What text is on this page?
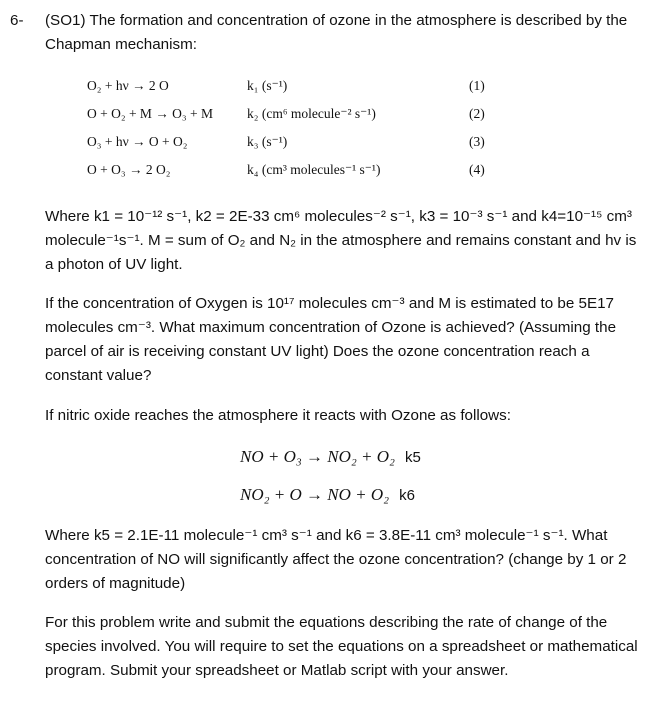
6- (SO1) The formation and concentration of ozone in the atmosphere is described by the Chapman mechanism:

O₂ + hν → 2 O	k₁ (s⁻¹)	(1)
O + O₂ + M → O₃ + M	k₂ (cm⁶ molecule⁻² s⁻¹)	(2)
O₃ + hν → O + O₂	k₃ (s⁻¹)	(3)
O + O₃ → 2 O₂	k₄ (cm³ molecules⁻¹ s⁻¹)	(4)

Where k1 = 10⁻¹² s⁻¹, k2 = 2E-33 cm⁶ molecules⁻² s⁻¹, k3 = 10⁻³ s⁻¹ and k4=10⁻¹⁵ cm³ molecule⁻¹s⁻¹. M = sum of O₂ and N₂ in the atmosphere and remains constant and hv is a photon of UV light.

If the concentration of Oxygen is 10¹⁷ molecules cm⁻³ and M is estimated to be 5E17 molecules cm⁻³. What maximum concentration of Ozone is achieved? (Assuming the parcel of air is receiving constant UV light) Does the ozone concentration reach a constant value?

If nitric oxide reaches the atmosphere it reacts with Ozone as follows:

NO + O₃ → NO₂ + O₂ k5
NO₂ + O → NO + O₂ k6

Where k5 = 2.1E-11 molecule⁻¹ cm³ s⁻¹ and k6 = 3.8E-11 cm³ molecule⁻¹ s⁻¹. What concentration of NO will significantly affect the ozone concentration? (change by 1 or 2 orders of magnitude)

For this problem write and submit the equations describing the rate of change of the species involved. You will require to set the equations on a spreadsheet or mathematical program. Submit your spreadsheet or Matlab script with your answer.
